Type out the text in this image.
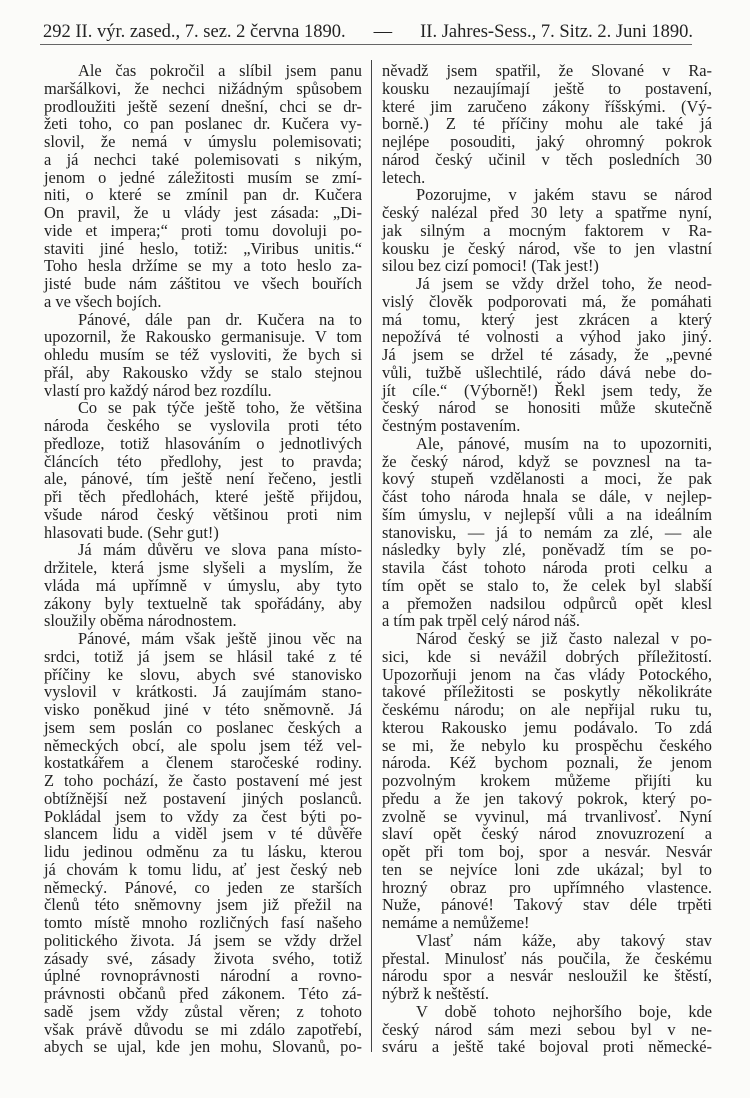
292 II. výr. zased., 7. sez. 2 června 1890. — II. Jahres-Sess., 7. Sitz. 2. Juni 1890.
Ale čas pokročil a slíbil jsem panu
maršálkovi, že nechci nižádným spůsobem
prodloužiti ještě sezení dnešní, chci se dr-
žeti toho, co pan poslanec dr. Kučera vy-
slovil, že nemá v úmyslu polemisovati;
a já nechci také polemisovati s nikým,
jenom o jedné záležitosti musím se zmí-
niti, o které se zmínil pan dr. Kučera
On pravil, že u vlády jest zásada: „Di-
vide et impera;“ proti tomu dovoluji po-
staviti jiné heslo, totiž: „Viribus unitis.“
Toho hesla držíme se my a toto heslo za-
jisté bude nám záštitou ve všech bouřích
a ve všech bojích.
Pánové, dále pan dr. Kučera na to
upozornil, že Rakousko germanisuje. V tom
ohledu musím se též vysloviti, že bych si
přál, aby Rakousko vždy se stalo stejnou
vlastí pro každý národ bez rozdílu.
Co se pak týče ještě toho, že většina
národa českého se vyslovila proti této
předloze, totiž hlasováním o jednotlivých
článcích této předlohy, jest to pravda;
ale, pánové, tím ještě není řečeno, jestli
při těch předlohách, které ještě přijdou,
všude národ český většinou proti nim
hlasovati bude. (Sehr gut!)
Já mám důvěru ve slova pana místo-
držitele, která jsme slyšeli a myslím, že
vláda má upřímně v úmyslu, aby tyto
zákony byly textuelně tak spořádány, aby
sloužily oběma národnostem.
Pánové, mám však ještě jinou věc na
srdci, totiž já jsem se hlásil také z té
příčiny ke slovu, abych své stanovisko
vyslovil v krátkosti. Já zaujímám stano-
visko poněkud jiné v této sněmovně. Já
jsem sem poslán co poslanec českých a
německých obcí, ale spolu jsem též vel-
kostatkářem a členem staročeské rodiny.
Z toho pochází, že často postavení mé jest
obtížnější než postavení jiných poslanců.
Pokládal jsem to vždy za čest býti po-
slancem lidu a viděl jsem v té důvěře
lidu jedinou odměnu za tu lásku, kterou
já chovám k tomu lidu, ať jest český neb
německý. Pánové, co jeden ze starších
členů této sněmovny jsem již přežil na
tomto místě mnoho rozličných fasí našeho
politického života. Já jsem se vždy držel
zásady své, zásady života svého, totiž
úplné rovnoprávnosti národní a rovno-
právnosti občanů před zákonem. Této zá-
sadě jsem vždy zůstal věren; z tohoto
však právě důvodu se mi zdálo zapotřebí,
abych se ujal, kde jen mohu, Slovanů, po-
něvadž jsem spatřil, že Slované v Ra-
kousku nezaujímají ještě to postavení,
které jim zaručeno zákony říšskými. (Vý-
borně.) Z té příčiny mohu ale také já
nejlépe posouditi, jaký ohromný pokrok
národ český učinil v těch posledních 30
letech.
Pozorujme, v jakém stavu se národ
český nalézal před 30 lety a spatřme nyní,
jak silným a mocným faktorem v Ra-
kousku je český národ, vše to jen vlastní
silou bez cizí pomoci! (Tak jest!)
Já jsem se vždy držel toho, že neod-
vislý člověk podporovati má, že pomáhati
má tomu, který jest zkrácen a který
nepožívá té volnosti a výhod jako jiný.
Já jsem se držel té zásady, že „pevné
vůli, tužbě ušlechtilé, rádo dává nebe do-
jít cíle.“ (Výborně!) Řekl jsem tedy, že
český národ se honositi může skutečně
čestným postavením.
Ale, pánové, musím na to upozorniti,
že český národ, když se povznesl na ta-
kový stupeň vzdělanosti a moci, že pak
část toho národa hnala se dále, v nejlep-
ším úmyslu, v nejlepší vůli a na ideálním
stanovisku, — já to nemám za zlé, — ale
následky byly zlé, poněvadž tím se po-
stavila část tohoto národa proti celku a
tím opět se stalo to, že celek byl slabší
a přemožen nadsilou odpůrců opět klesl
a tím pak trpěl celý národ náš.
Národ český se již často nalezal v po-
sici, kde si nevážil dobrých příležitostí.
Upozorňuji jenom na čas vlády Potockého,
takové příležitosti se poskytly několikráte
českému národu; on ale nepřijal ruku tu,
kterou Rakousko jemu podávalo. To zdá
se mi, že nebylo ku prospěchu českého
národa. Kéž bychom poznali, že jenom
pozvolným krokem můžeme přijíti ku
předu a že jen takový pokrok, který po-
zvolně se vyvinul, má trvanlivosť. Nyní
slaví opět český národ znovuzrození a
opět při tom boj, spor a nesvár. Nesvár
ten se nejvíce loni zde ukázal; byl to
hrozný obraz pro upřímného vlastence.
Nuže, pánové! Takový stav déle trpěti
nemáme a nemůžeme!
Vlasť nám káže, aby takový stav
přestal. Minulosť nás poučila, že českému
národu spor a nesvár nesloužil ke štěstí,
nýbrž k neštěstí.
V době tohoto nejhoršího boje, kde
český národ sám mezi sebou byl v ne-
sváru a ještě také bojoval proti německé-
